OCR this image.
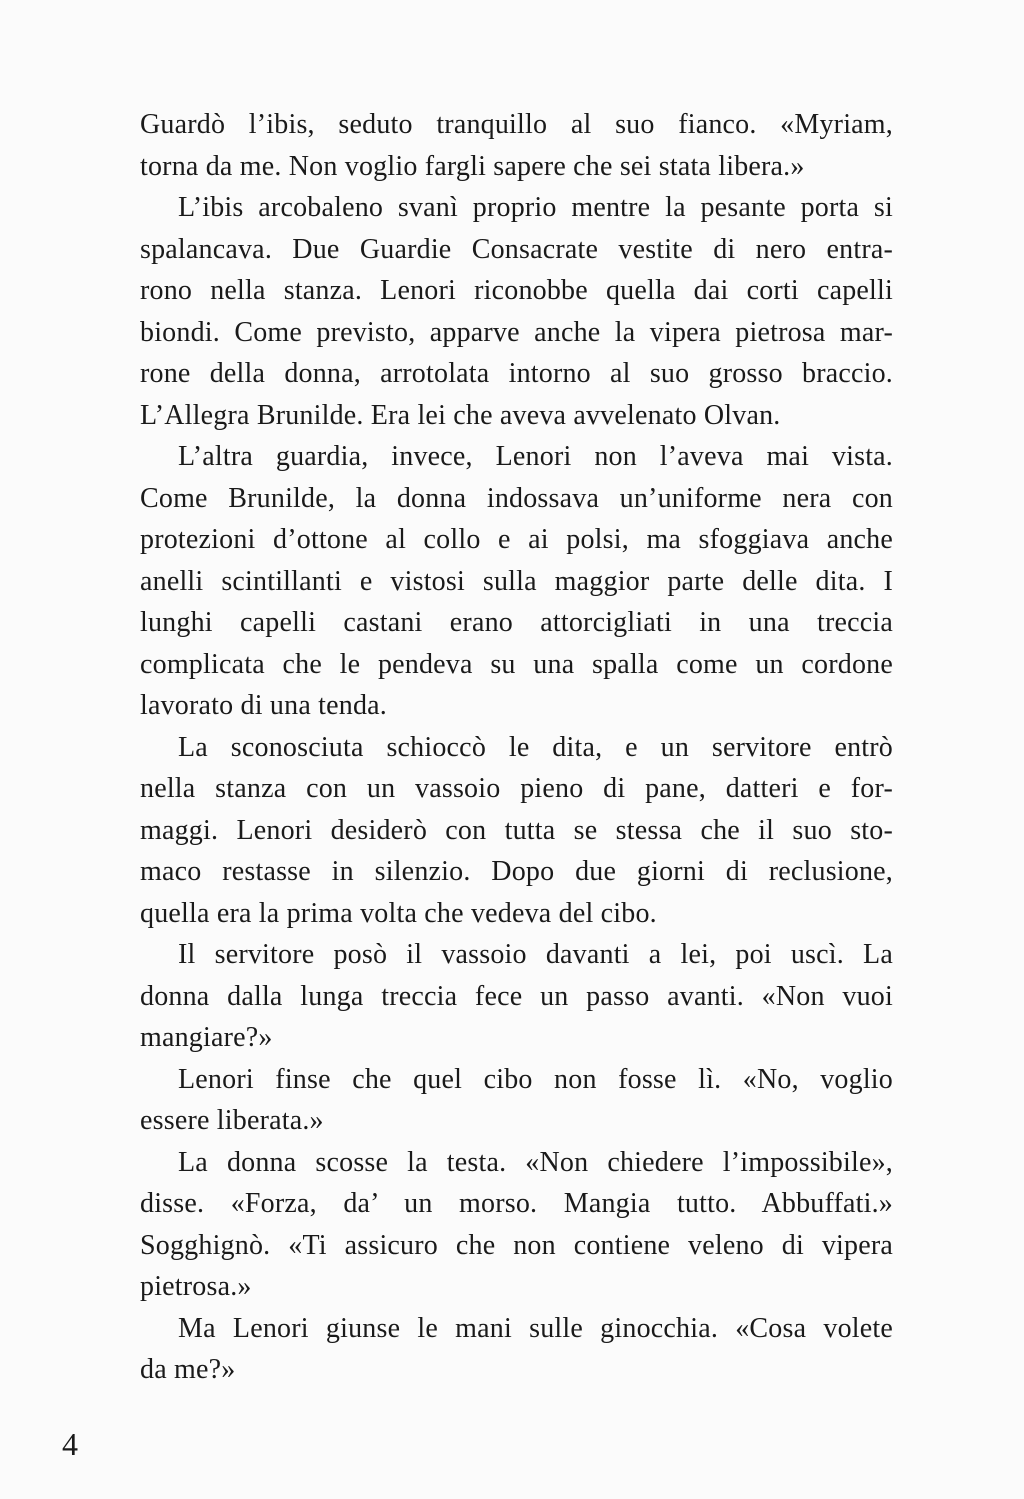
Guardò l’ibis, seduto tranquillo al suo fianco. «Myriam,
torna da me. Non voglio fargli sapere che sei stata libera.»
L’ibis arcobaleno svanì proprio mentre la pesante porta si
spalancava. Due Guardie Consacrate vestite di nero entra-
rono nella stanza. Lenori riconobbe quella dai corti capelli
biondi. Come previsto, apparve anche la vipera pietrosa mar-
rone della donna, arrotolata intorno al suo grosso braccio.
L’Allegra Brunilde. Era lei che aveva avvelenato Olvan.
L’altra guardia, invece, Lenori non l’aveva mai vista.
Come Brunilde, la donna indossava un’uniforme nera con
protezioni d’ottone al collo e ai polsi, ma sfoggiava anche
anelli scintillanti e vistosi sulla maggior parte delle dita. I
lunghi capelli castani erano attorcigliati in una treccia
complicata che le pendeva su una spalla come un cordone
lavorato di una tenda.
La sconosciuta schioccò le dita, e un servitore entrò
nella stanza con un vassoio pieno di pane, datteri e for-
maggi. Lenori desiderò con tutta se stessa che il suo sto-
maco restasse in silenzio. Dopo due giorni di reclusione,
quella era la prima volta che vedeva del cibo.
Il servitore posò il vassoio davanti a lei, poi uscì. La
donna dalla lunga treccia fece un passo avanti. «Non vuoi
mangiare?»
Lenori finse che quel cibo non fosse lì. «No, voglio
essere liberata.»
La donna scosse la testa. «Non chiedere l’impossibile»,
disse. «Forza, da’ un morso. Mangia tutto. Abbuffati.»
Sogghignò. «Ti assicuro che non contiene veleno di vipera
pietrosa.»
Ma Lenori giunse le mani sulle ginocchia. «Cosa volete
da me?»
4
